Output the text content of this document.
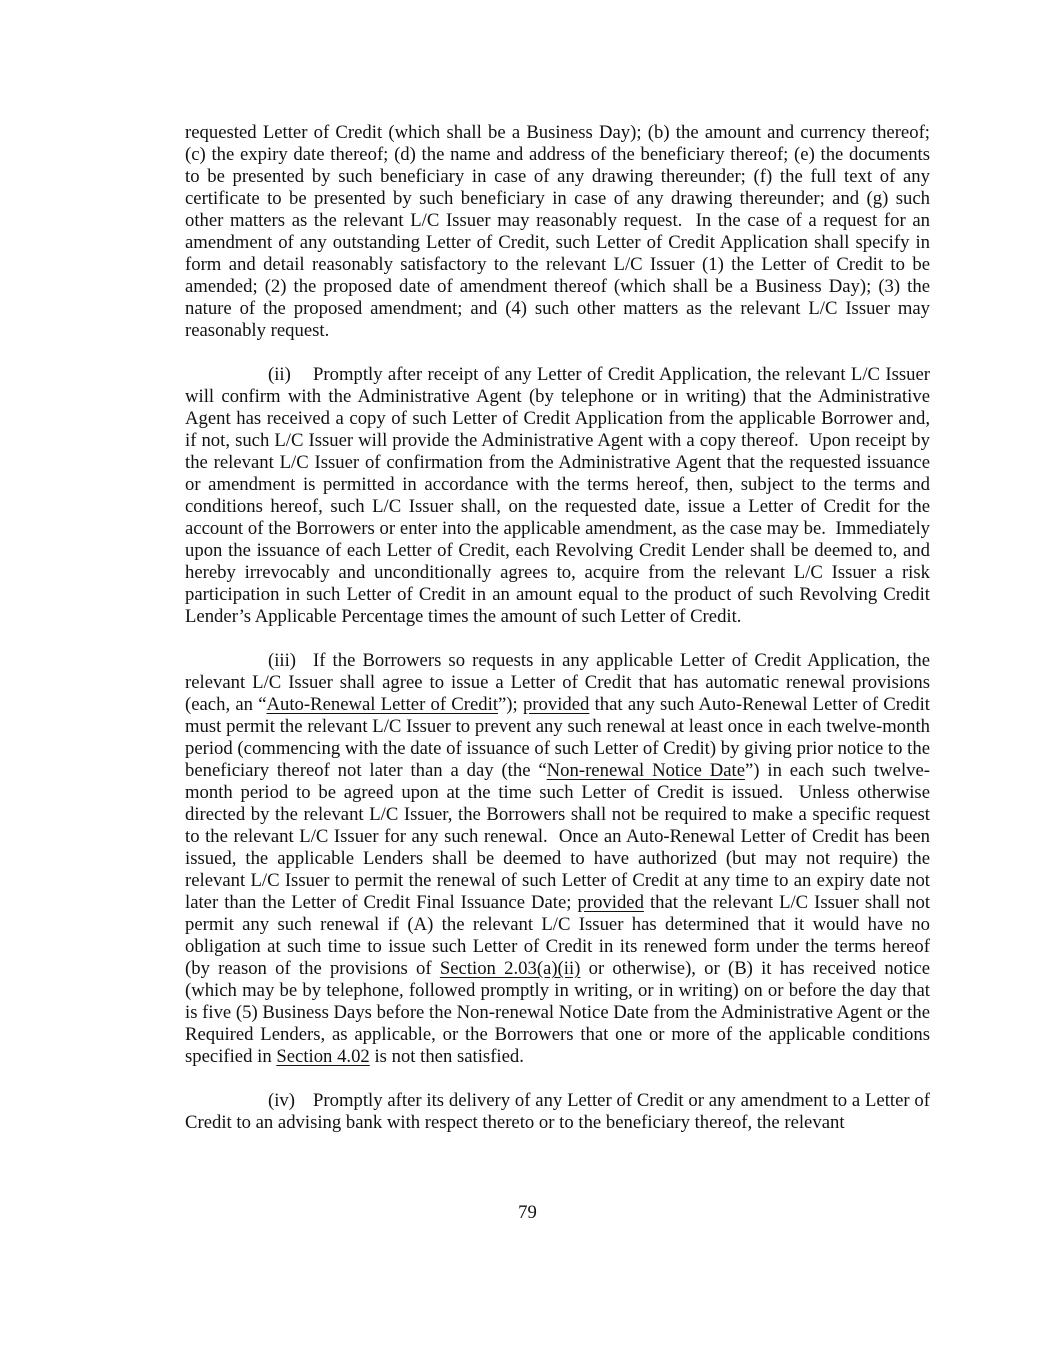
requested Letter of Credit (which shall be a Business Day); (b) the amount and currency thereof; (c) the expiry date thereof; (d) the name and address of the beneficiary thereof; (e) the documents to be presented by such beneficiary in case of any drawing thereunder; (f) the full text of any certificate to be presented by such beneficiary in case of any drawing thereunder; and (g) such other matters as the relevant L/C Issuer may reasonably request.  In the case of a request for an amendment of any outstanding Letter of Credit, such Letter of Credit Application shall specify in form and detail reasonably satisfactory to the relevant L/C Issuer (1) the Letter of Credit to be amended; (2) the proposed date of amendment thereof (which shall be a Business Day); (3) the nature of the proposed amendment; and (4) such other matters as the relevant L/C Issuer may reasonably request.

(ii) Promptly after receipt of any Letter of Credit Application, the relevant L/C Issuer will confirm with the Administrative Agent (by telephone or in writing) that the Administrative Agent has received a copy of such Letter of Credit Application from the applicable Borrower and, if not, such L/C Issuer will provide the Administrative Agent with a copy thereof.  Upon receipt by the relevant L/C Issuer of confirmation from the Administrative Agent that the requested issuance or amendment is permitted in accordance with the terms hereof, then, subject to the terms and conditions hereof, such L/C Issuer shall, on the requested date, issue a Letter of Credit for the account of the Borrowers or enter into the applicable amendment, as the case may be.  Immediately upon the issuance of each Letter of Credit, each Revolving Credit Lender shall be deemed to, and hereby irrevocably and unconditionally agrees to, acquire from the relevant L/C Issuer a risk participation in such Letter of Credit in an amount equal to the product of such Revolving Credit Lender’s Applicable Percentage times the amount of such Letter of Credit.

(iii) If the Borrowers so requests in any applicable Letter of Credit Application, the relevant L/C Issuer shall agree to issue a Letter of Credit that has automatic renewal provisions (each, an “Auto-Renewal Letter of Credit”); provided that any such Auto-Renewal Letter of Credit must permit the relevant L/C Issuer to prevent any such renewal at least once in each twelve-month period (commencing with the date of issuance of such Letter of Credit) by giving prior notice to the beneficiary thereof not later than a day (the “Non-renewal Notice Date”) in each such twelve-month period to be agreed upon at the time such Letter of Credit is issued.  Unless otherwise directed by the relevant L/C Issuer, the Borrowers shall not be required to make a specific request to the relevant L/C Issuer for any such renewal.  Once an Auto-Renewal Letter of Credit has been issued, the applicable Lenders shall be deemed to have authorized (but may not require) the relevant L/C Issuer to permit the renewal of such Letter of Credit at any time to an expiry date not later than the Letter of Credit Final Issuance Date; provided that the relevant L/C Issuer shall not permit any such renewal if (A) the relevant L/C Issuer has determined that it would have no obligation at such time to issue such Letter of Credit in its renewed form under the terms hereof (by reason of the provisions of Section 2.03(a)(ii) or otherwise), or (B) it has received notice (which may be by telephone, followed promptly in writing, or in writing) on or before the day that is five (5) Business Days before the Non-renewal Notice Date from the Administrative Agent or the Required Lenders, as applicable, or the Borrowers that one or more of the applicable conditions specified in Section 4.02 is not then satisfied.

(iv) Promptly after its delivery of any Letter of Credit or any amendment to a Letter of Credit to an advising bank with respect thereto or to the beneficiary thereof, the relevant

79
